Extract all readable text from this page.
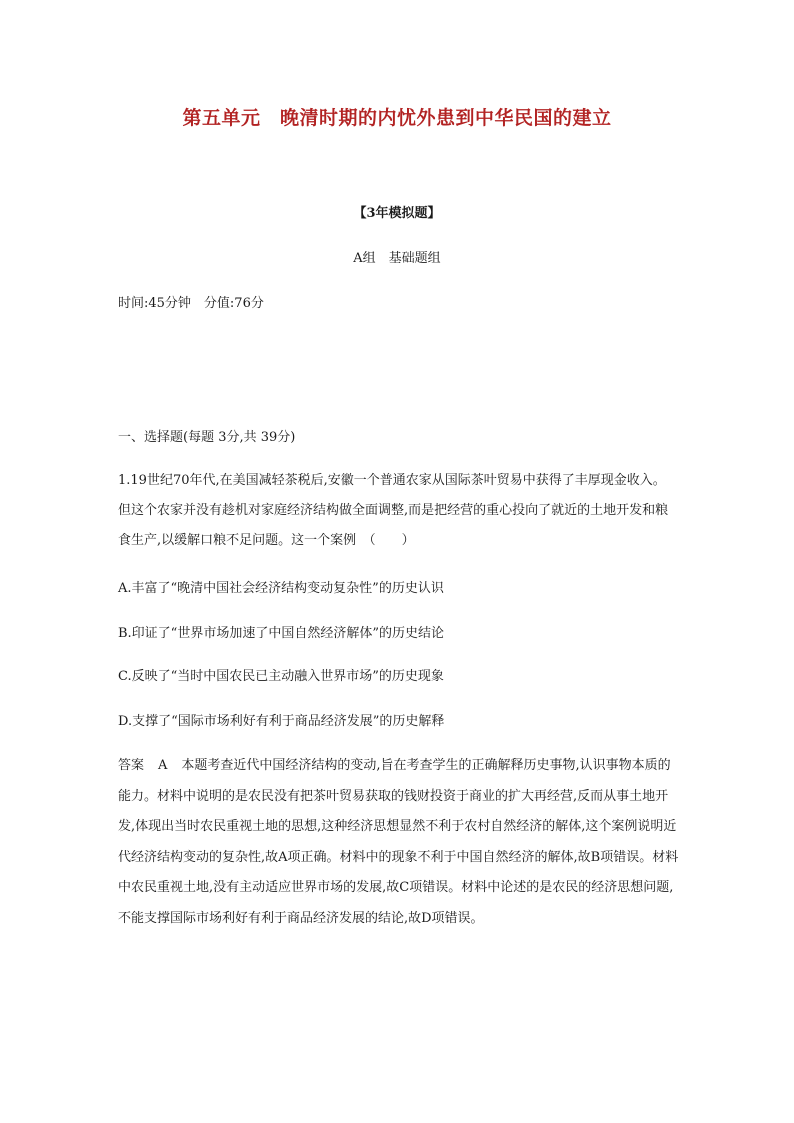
第五单元　晚清时期的内忧外患到中华民国的建立
【3年模拟题】
A组　基础题组
时间:45分钟　分值:76分
一、选择题(每题 3分,共 39分)
1.19世纪70年代,在美国减轻茶税后,安徽一个普通农家从国际茶叶贸易中获得了丰厚现金收入。但这个农家并没有趁机对家庭经济结构做全面调整,而是把经营的重心投向了就近的土地开发和粮食生产,以缓解口粮不足问题。这一个案例　（　　）
A.丰富了“晚清中国社会经济结构变动复杂性”的历史认识
B.印证了“世界市场加速了中国自然经济解体”的历史结论
C.反映了“当时中国农民已主动融入世界市场”的历史现象
D.支撑了“国际市场利好有利于商品经济发展”的历史解释
答案 A 本题考查近代中国经济结构的变动,旨在考查学生的正确解释历史事物,认识事物本质的能力。材料中说明的是农民没有把茶叶贸易获取的钱财投资于商业的扩大再经营,反而从事土地开发,体现出当时农民重视土地的思想,这种经济思想显然不利于农村自然经济的解体,这个案例说明近代经济结构变动的复杂性,故A项正确。材料中的现象不利于中国自然经济的解体,故B项错误。材料中农民重视土地,没有主动适应世界市场的发展,故C项错误。材料中论述的是农民的经济思想问题,不能支撑国际市场利好有利于商品经济发展的结论,故D项错误。
